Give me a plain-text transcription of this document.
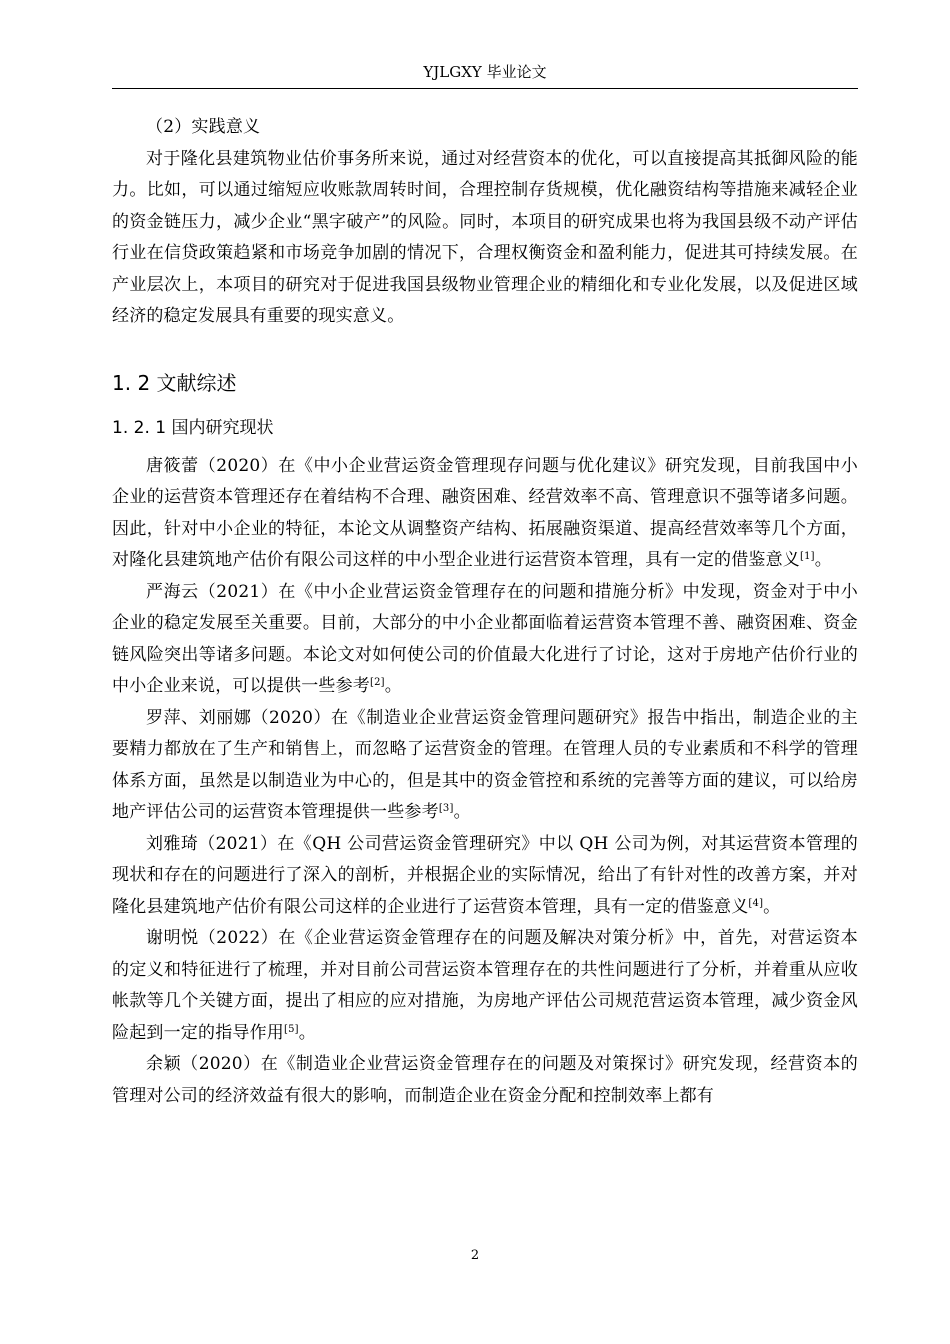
YJLGXY 毕业论文

（2）实践意义

对于隆化县建筑物业估价事务所来说，通过对经营资本的优化，可以直接提高其抵御风险的能力。比如，可以通过缩短应收账款周转时间，合理控制存货规模，优化融资结构等措施来减轻企业的资金链压力，减少企业“黑字破产”的风险。同时，本项目的研究成果也将为我国县级不动产评估行业在信贷政策趋紧和市场竞争加剧的情况下，合理权衡资金和盈利能力，促进其可持续发展。在产业层次上，本项目的研究对于促进我国县级物业管理企业的精细化和专业化发展，以及促进区域经济的稳定发展具有重要的现实意义。

1. 2 文献综述
1. 2. 1 国内研究现状

唐筱蕾（2020）在《中小企业营运资金管理现存问题与优化建议》研究发现，目前我国中小企业的运营资本管理还存在着结构不合理、融资困难、经营效率不高、管理意识不强等诸多问题。因此，针对中小企业的特征，本论文从调整资产结构、拓展融资渠道、提高经营效率等几个方面，对隆化县建筑地产估价有限公司这样的中小型企业进行运营资本管理，具有一定的借鉴意义[1]。

严海云（2021）在《中小企业营运资金管理存在的问题和措施分析》中发现，资金对于中小企业的稳定发展至关重要。目前，大部分的中小企业都面临着运营资本管理不善、融资困难、资金链风险突出等诸多问题。本论文对如何使公司的价值最大化进行了讨论，这对于房地产估价行业的中小企业来说，可以提供一些参考[2]。

罗萍、刘丽娜（2020）在《制造业企业营运资金管理问题研究》报告中指出，制造企业的主要精力都放在了生产和销售上，而忽略了运营资金的管理。在管理人员的专业素质和不科学的管理体系方面，虽然是以制造业为中心的，但是其中的资金管控和系统的完善等方面的建议，可以给房地产评估公司的运营资本管理提供一些参考[3]。

刘雅琦（2021）在《QH 公司营运资金管理研究》中以 QH 公司为例，对其运营资本管理的现状和存在的问题进行了深入的剖析，并根据企业的实际情况，给出了有针对性的改善方案，并对隆化县建筑地产估价有限公司这样的企业进行了运营资本管理，具有一定的借鉴意义[4]。

谢明悦（2022）在《企业营运资金管理存在的问题及解决对策分析》中，首先，对营运资本的定义和特征进行了梳理，并对目前公司营运资本管理存在的共性问题进行了分析，并着重从应收帐款等几个关键方面，提出了相应的应对措施，为房地产评估公司规范营运资本管理，减少资金风险起到一定的指导作用[5]。

余颖（2020）在《制造业企业营运资金管理存在的问题及对策探讨》研究发现，经营资本的管理对公司的经济效益有很大的影响，而制造企业在资金分配和控制效率上都有

2
